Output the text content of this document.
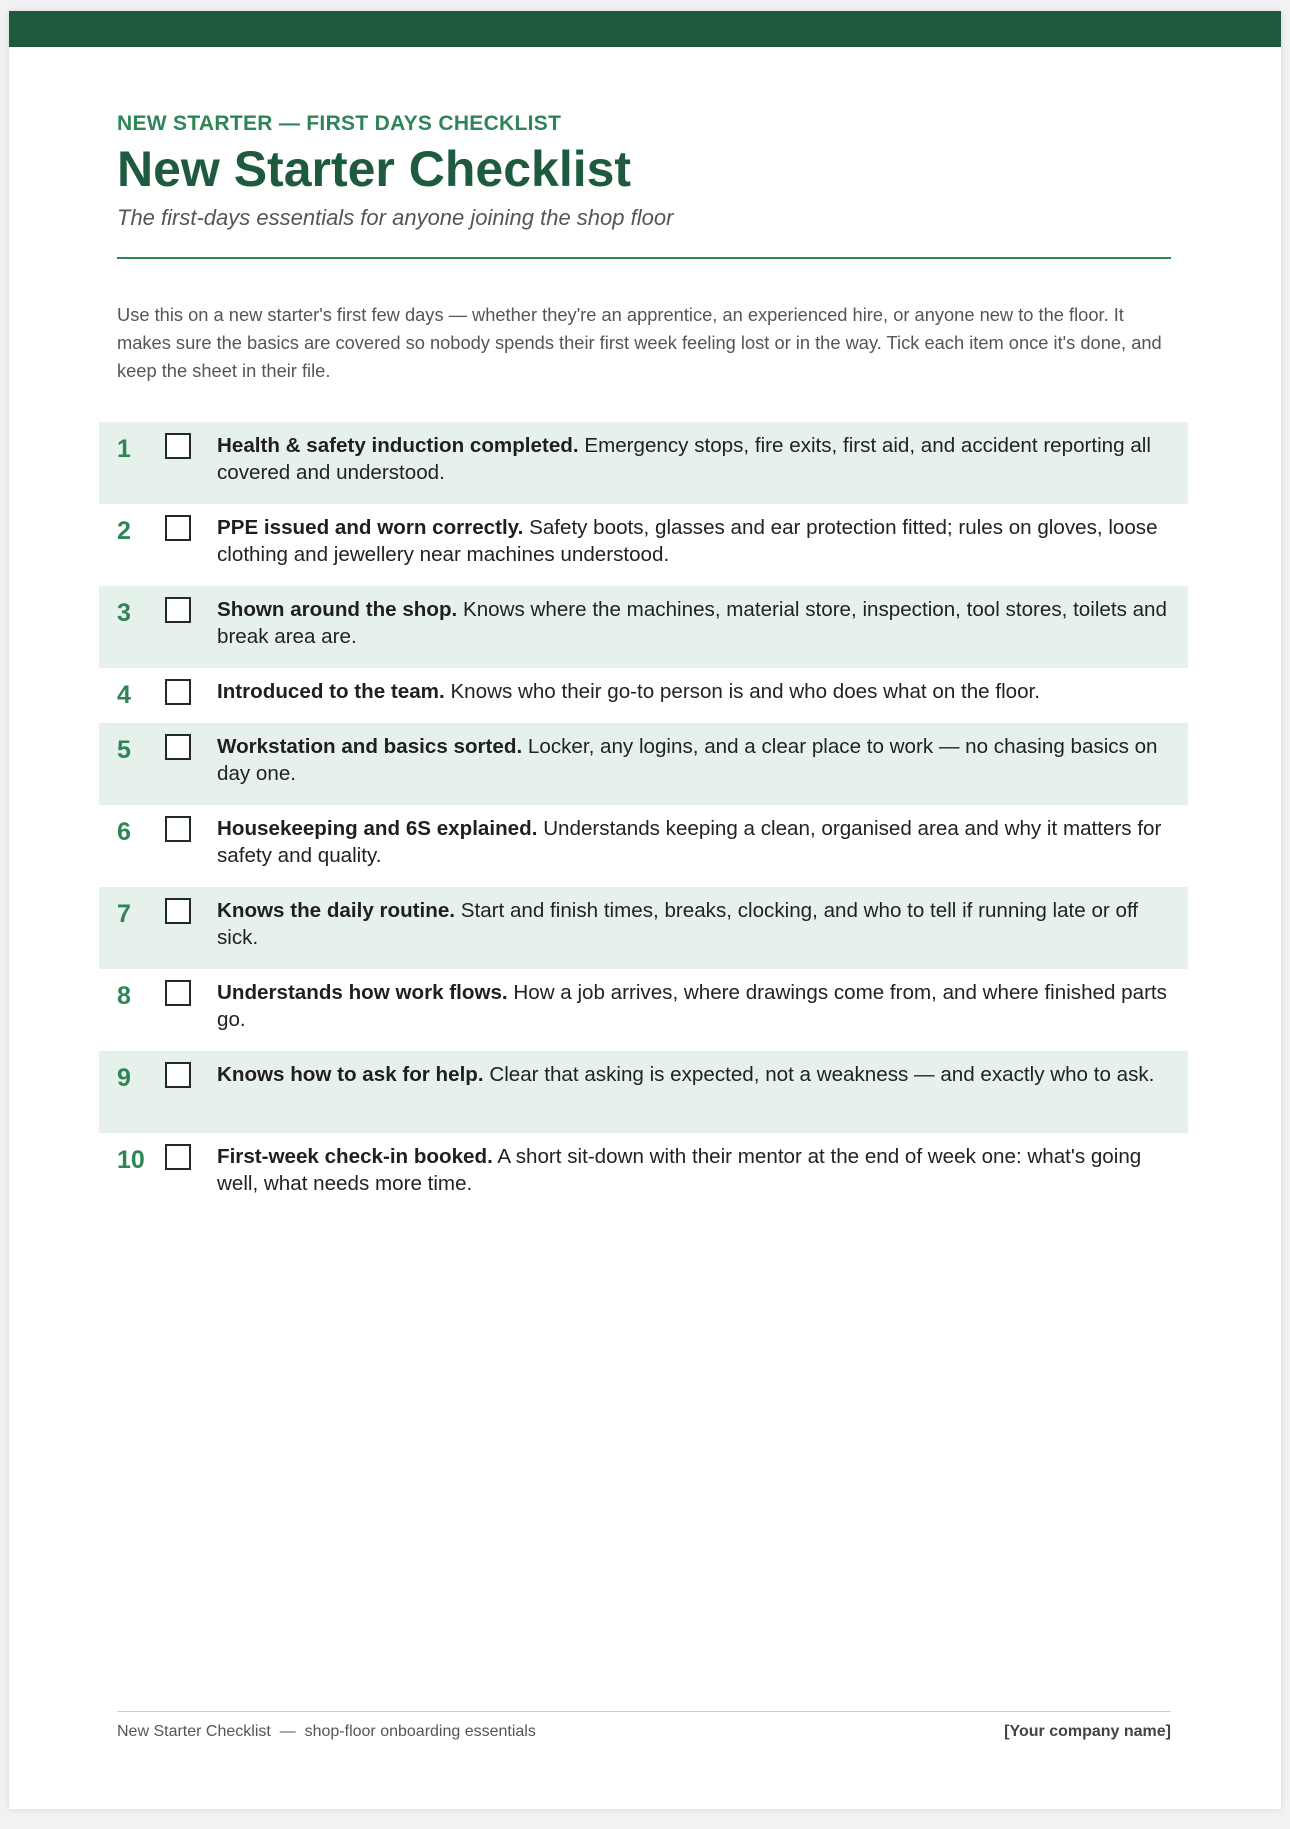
NEW STARTER — FIRST DAYS CHECKLIST
New Starter Checklist
The first-days essentials for anyone joining the shop floor
Use this on a new starter's first few days — whether they're an apprentice, an experienced hire, or anyone new to the floor. It makes sure the basics are covered so nobody spends their first week feeling lost or in the way. Tick each item once it's done, and keep the sheet in their file.
1	Health & safety induction completed. Emergency stops, fire exits, first aid, and accident reporting all covered and understood.
2	PPE issued and worn correctly. Safety boots, glasses and ear protection fitted; rules on gloves, loose clothing and jewellery near machines understood.
3	Shown around the shop. Knows where the machines, material store, inspection, tool stores, toilets and break area are.
4	Introduced to the team. Knows who their go-to person is and who does what on the floor.
5	Workstation and basics sorted. Locker, any logins, and a clear place to work — no chasing basics on day one.
6	Housekeeping and 6S explained. Understands keeping a clean, organised area and why it matters for safety and quality.
7	Knows the daily routine. Start and finish times, breaks, clocking, and who to tell if running late or off sick.
8	Understands how work flows. How a job arrives, where drawings come from, and where finished parts go.
9	Knows how to ask for help. Clear that asking is expected, not a weakness — and exactly who to ask.
10	First-week check-in booked. A short sit-down with their mentor at the end of week one: what's going well, what needs more time.
New Starter Checklist  —  shop-floor onboarding essentials	[Your company name]
